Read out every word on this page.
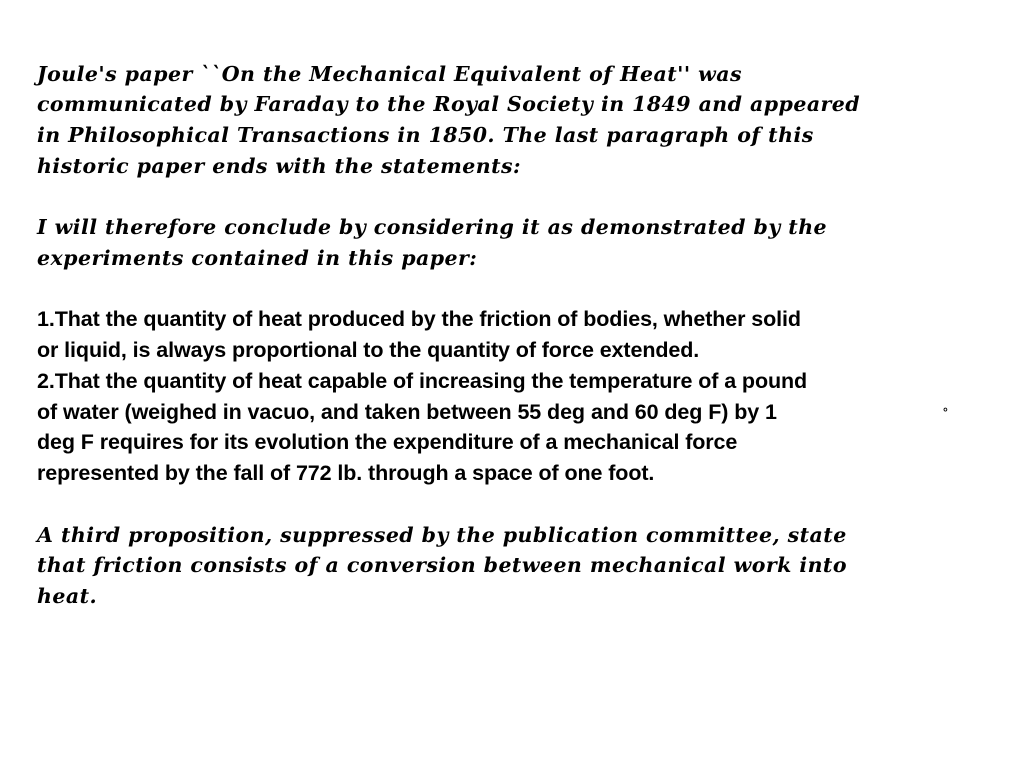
Joule's paper ``On the Mechanical Equivalent of Heat'' was

communicated by Faraday to the Royal Society in 1849 and appeared

in Philosophical Transactions in 1850. The last paragraph of this

historic paper ends with the statements:

I will therefore conclude by considering it as demonstrated by the

experiments contained in this paper:

1.That the quantity of heat produced by the friction of bodies, whether solid

or liquid, is always proportional to the quantity of force extended.

2.That the quantity of heat capable of increasing the temperature of a pound

of water (weighed in vacuo, and taken between 55 deg and 60 deg F) by 1	°

deg F requires for its evolution the expenditure of a mechanical force

represented by the fall of 772 lb. through a space of one foot.

A third proposition, suppressed by the publication committee, state

that friction consists of a conversion between mechanical work into

heat.
